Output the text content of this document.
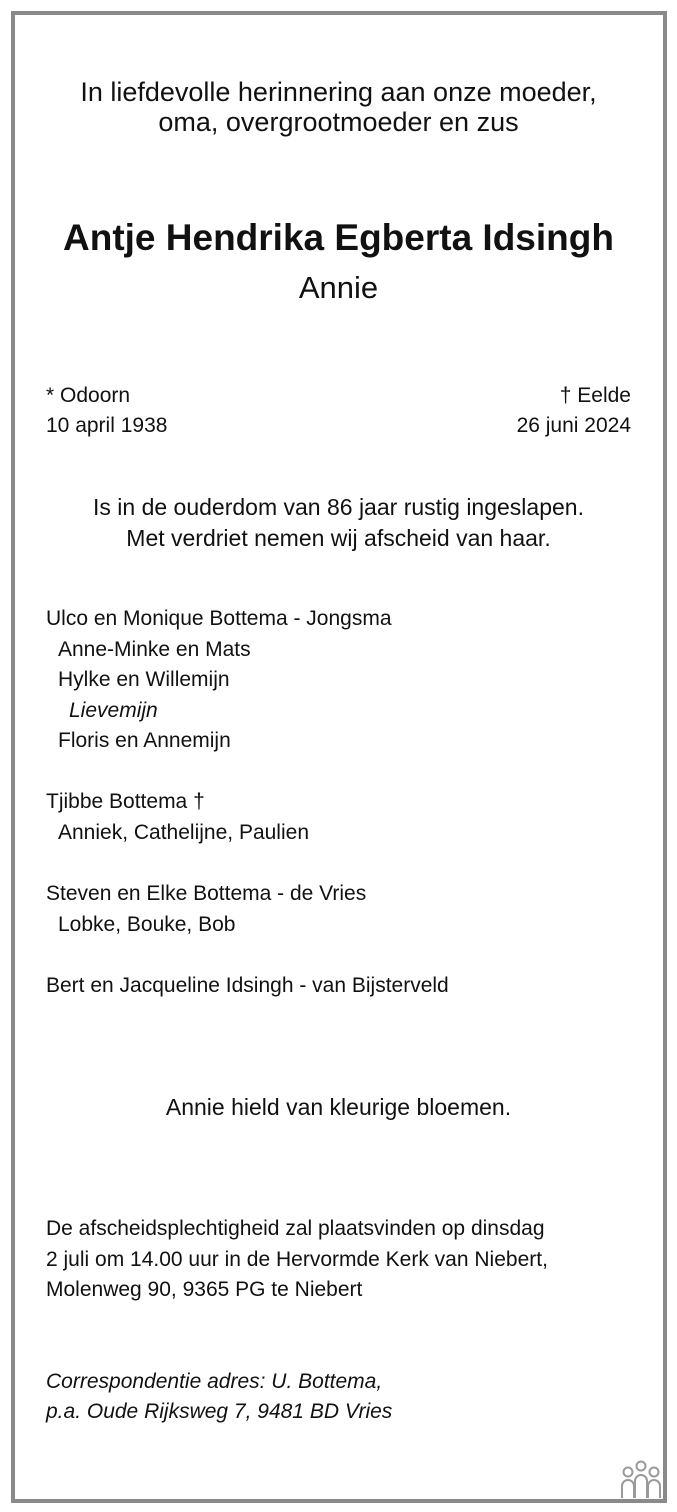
In liefdevolle herinnering aan onze moeder,
oma, overgrootmoeder en zus
Antje Hendrika Egberta Idsingh
Annie
* Odoorn
10 april 1938
† Eelde
26 juni 2024
Is in de ouderdom van 86 jaar rustig ingeslapen.
Met verdriet nemen wij afscheid van haar.
Ulco en Monique Bottema - Jongsma
Anne-Minke en Mats
Hylke en Willemijn
Lievemijn
Floris en Annemijn
Tjibbe Bottema †
Anniek, Cathelijne, Paulien
Steven en Elke Bottema - de Vries
Lobke, Bouke, Bob
Bert en Jacqueline Idsingh - van Bijsterveld
Annie hield van kleurige bloemen.
De afscheidsplechtigheid zal plaatsvinden op dinsdag
2 juli om 14.00 uur in de Hervormde Kerk van Niebert,
Molenweg 90, 9365 PG te Niebert
Correspondentie adres: U. Bottema,
p.a. Oude Rijksweg 7, 9481 BD Vries
